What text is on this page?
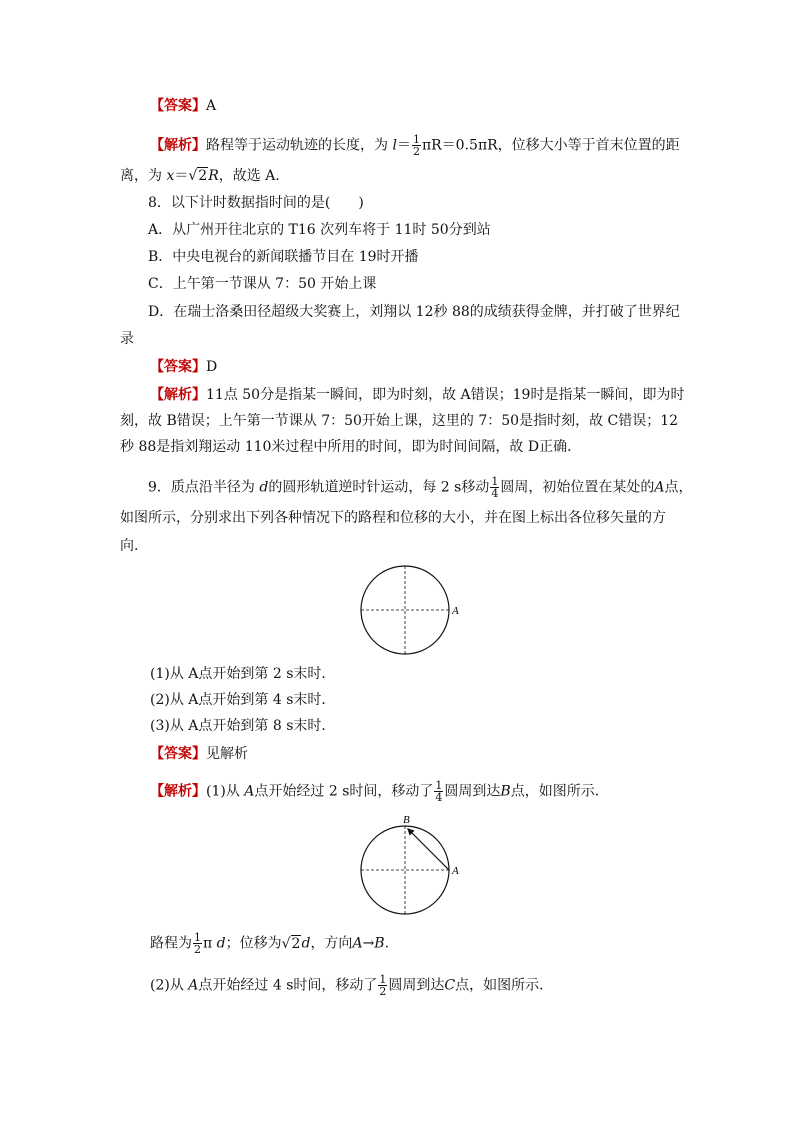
【答案】A
【解析】路程等于运动轨迹的长度，为 $l= \frac{1}{2} \pi R=0.5\pi R$，位移大小等于首末位置的距
离，为 x＝√2R，故选 A.
8．以下计时数据指时间的是(　　)
A．从广州开往北京的 T16 次列车将于 11时 50分到站
B．中央电视台的新闻联播节目在 19时开播
C．上午第一节课从 7：50 开始上课
D．在瑞士洛桑田径超级大奖赛上，刘翔以 12秒 88的成绩获得金牌，并打破了世界纪
录
【答案】D
【解析】11点 50分是指某一瞬间，即为时刻，故 A错误；19时是指某一瞬间，即为时
刻，故 B错误；上午第一节课从 7：50开始上课，这里的 7：50是指时刻，故 C错误；12
秒 88是指刘翔运动 110米过程中所用的时间，即为时间间隔，故 D正确．
9．质点沿半径为 d的圆形轨道逆时针运动，每 2 s移动 $\frac{1}{4}$ 圆周，初始位置在某处的A点，
如图所示，分别求出下列各种情况下的路程和位移的大小，并在图上标出各位移矢量的方
向.
A
(1)从 A点开始到第 2 s末时．
(2)从 A点开始到第 4 s末时．
(3)从 A点开始到第 8 s末时．
【答案】见解析
【解析】(1)从 A点开始经过 2 s时间，移动了 $\frac{1}{4}$ 圆周到达B点，如图所示．
B
A
路程为 $\frac{1}{2}$ π d；位移为√2d，方向A→B.
(2)从 A点开始经过 4 s时间，移动了 $\frac{1}{2}$ 圆周到达C点，如图所示．
